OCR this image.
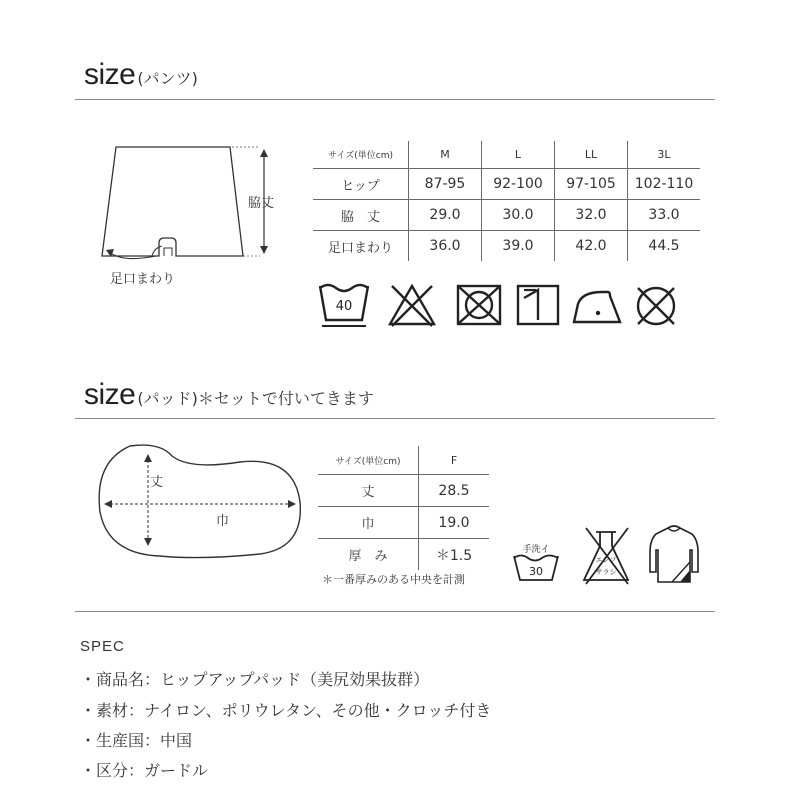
size (パンツ)
脇丈
足口まわり
サイズ(単位cm)	M	L	LL	3L
ヒップ	87-95	92-100	97-105	102-110
脇　丈	29.0	30.0	32.0	33.0
足口まわり	36.0	39.0	42.0	44.5
40
size (パッド)＊セットで付いてきます
丈
巾
サイズ(単位cm)	F
丈	28.5
巾	19.0
厚　み	＊1.5
＊一番厚みのある中央を計測
手洗イ
30
エンソ
サラシ
SPEC
・商品名：ヒップアップパッド（美尻効果抜群）
・素材：ナイロン、ポリウレタン、その他・クロッチ付き
・生産国：中国
・区分：ガードル
